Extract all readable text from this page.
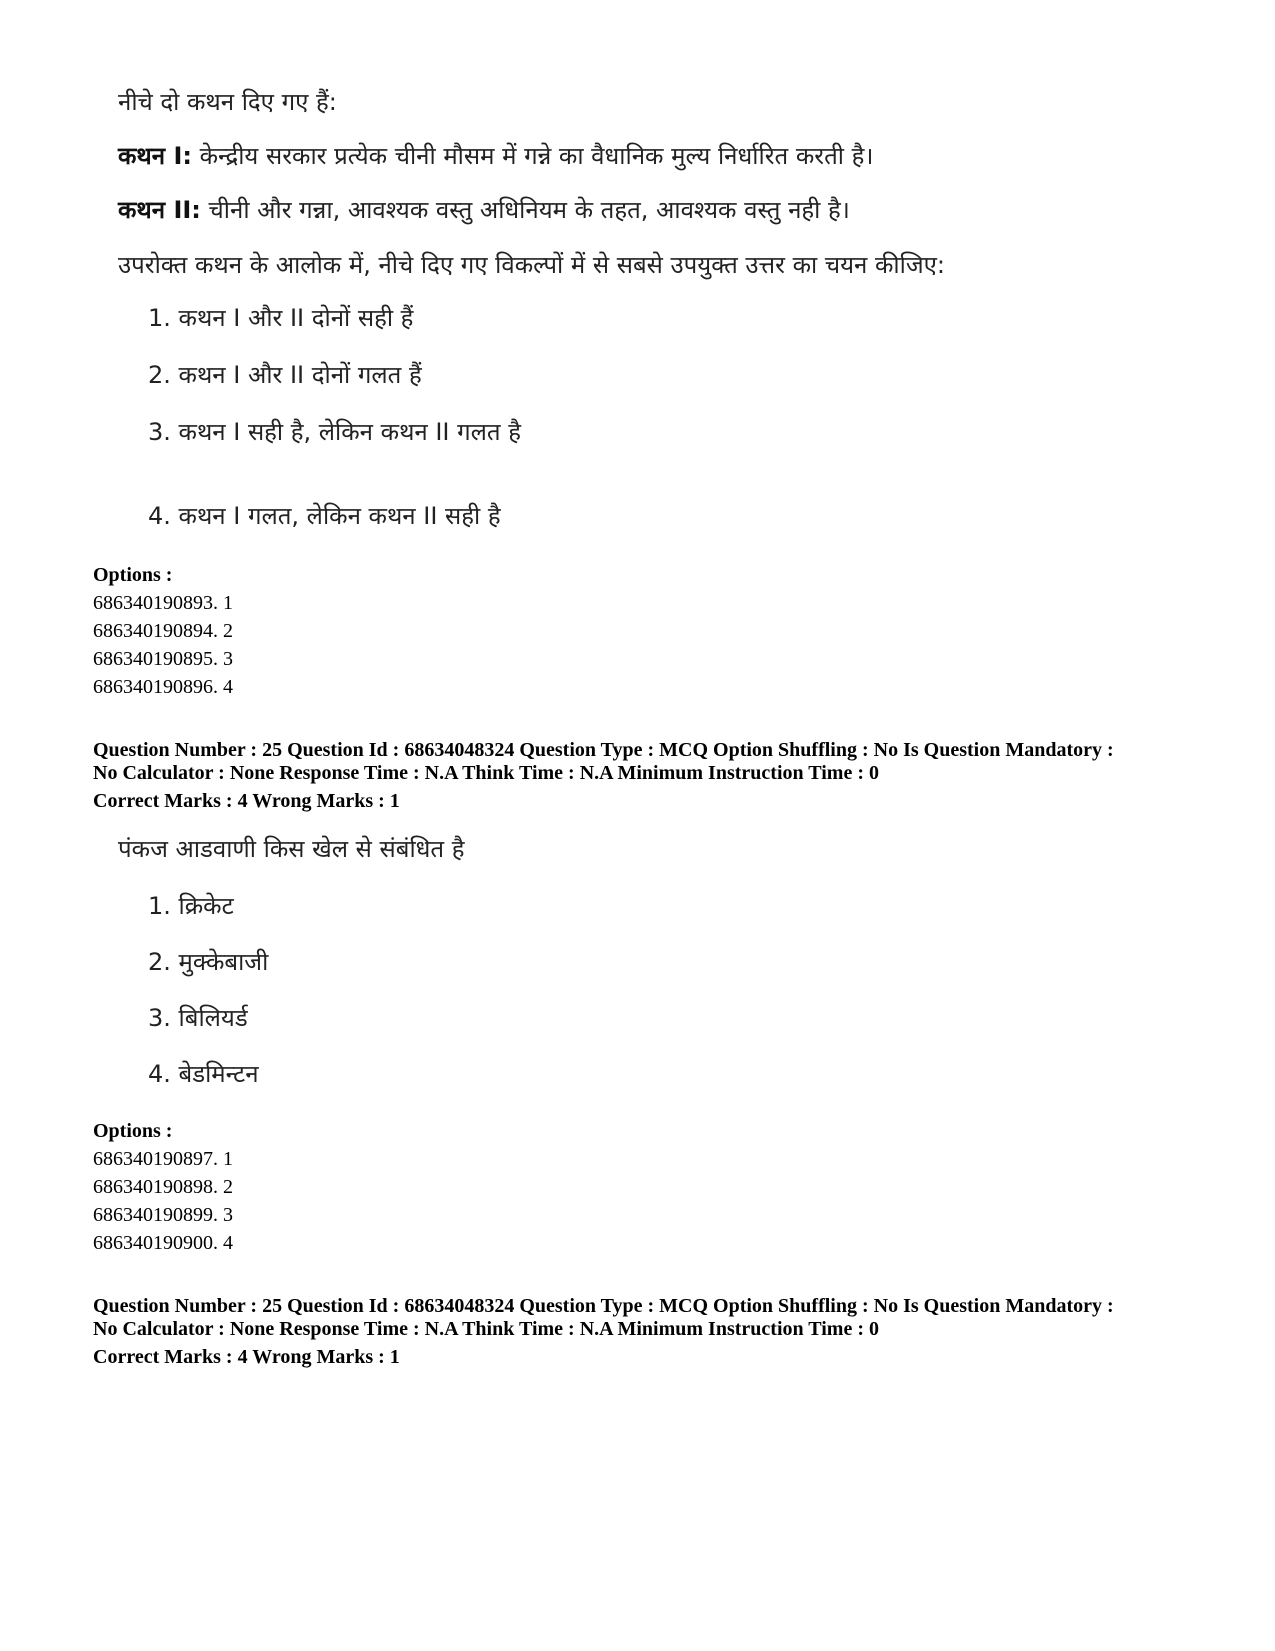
नीचे दो कथन दिए गए हैं:
कथन I: केन्द्रीय सरकार प्रत्येक चीनी मौसम में गन्ने का वैधानिक मुल्य निर्धारित करती है।
कथन II: चीनी और गन्ना, आवश्यक वस्तु अधिनियम के तहत, आवश्यक वस्तु नही है।
उपरोक्त कथन के आलोक में, नीचे दिए गए विकल्पों में से सबसे उपयुक्त उत्तर का चयन कीजिए:
1. कथन I और II दोनों सही हैं
2. कथन I और II दोनों गलत हैं
3. कथन I सही है, लेकिन कथन II गलत है
4. कथन I गलत, लेकिन कथन II सही है
Options :
686340190893. 1
686340190894. 2
686340190895. 3
686340190896. 4
Question Number : 25 Question Id : 68634048324 Question Type : MCQ Option Shuffling : No Is Question Mandatory :
No Calculator : None Response Time : N.A Think Time : N.A Minimum Instruction Time : 0
Correct Marks : 4 Wrong Marks : 1
पंकज आडवाणी किस खेल से संबंधित है
1. क्रिकेट
2. मुक्केबाजी
3. बिलियर्ड
4. बेडमिन्टन
Options :
686340190897. 1
686340190898. 2
686340190899. 3
686340190900. 4
Question Number : 25 Question Id : 68634048324 Question Type : MCQ Option Shuffling : No Is Question Mandatory :
No Calculator : None Response Time : N.A Think Time : N.A Minimum Instruction Time : 0
Correct Marks : 4 Wrong Marks : 1
